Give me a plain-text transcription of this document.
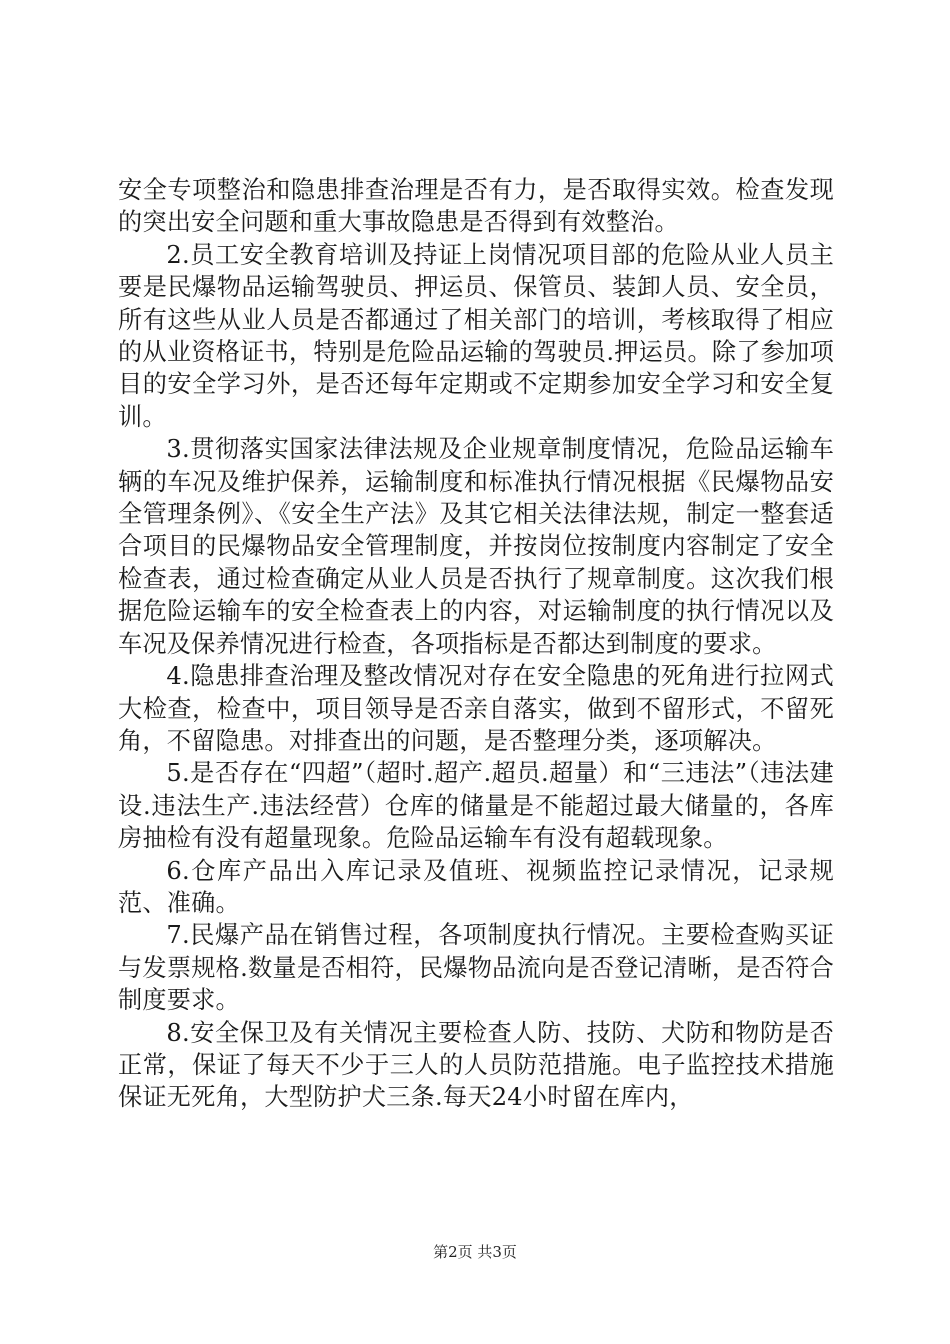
安全专项整治和隐患排查治理是否有力，是否取得实效。检查发现的突出安全问题和重大事故隐患是否得到有效整治。

2.员工安全教育培训及持证上岗情况项目部的危险从业人员主要是民爆物品运输驾驶员、押运员、保管员、装卸人员、安全员，所有这些从业人员是否都通过了相关部门的培训，考核取得了相应的从业资格证书，特别是危险品运输的驾驶员.押运员。除了参加项目的安全学习外，是否还每年定期或不定期参加安全学习和安全复训。

3.贯彻落实国家法律法规及企业规章制度情况，危险品运输车辆的车况及维护保养，运输制度和标准执行情况根据《民爆物品安全管理条例》、《安全生产法》及其它相关法律法规，制定一整套适合项目的民爆物品安全管理制度，并按岗位按制度内容制定了安全检查表，通过检查确定从业人员是否执行了规章制度。这次我们根据危险运输车的安全检查表上的内容，对运输制度的执行情况以及车况及保养情况进行检查，各项指标是否都达到制度的要求。

4.隐患排查治理及整改情况对存在安全隐患的死角进行拉网式大检查，检查中，项目领导是否亲自落实，做到不留形式，不留死角，不留隐患。对排查出的问题，是否整理分类，逐项解决。

5.是否存在“四超”（超时.超产.超员.超量）和“三违法”（违法建设.违法生产.违法经营）仓库的储量是不能超过最大储量的，各库房抽检有没有超量现象。危险品运输车有没有超载现象。

6.仓库产品出入库记录及值班、视频监控记录情况，记录规范、准确。

7.民爆产品在销售过程，各项制度执行情况。主要检查购买证与发票规格.数量是否相符，民爆物品流向是否登记清晰，是否符合制度要求。

8.安全保卫及有关情况主要检查人防、技防、犬防和物防是否正常，保证了每天不少于三人的人员防范措施。电子监控技术措施保证无死角，大型防护犬三条.每天24小时留在库内，

第2页 共3页
